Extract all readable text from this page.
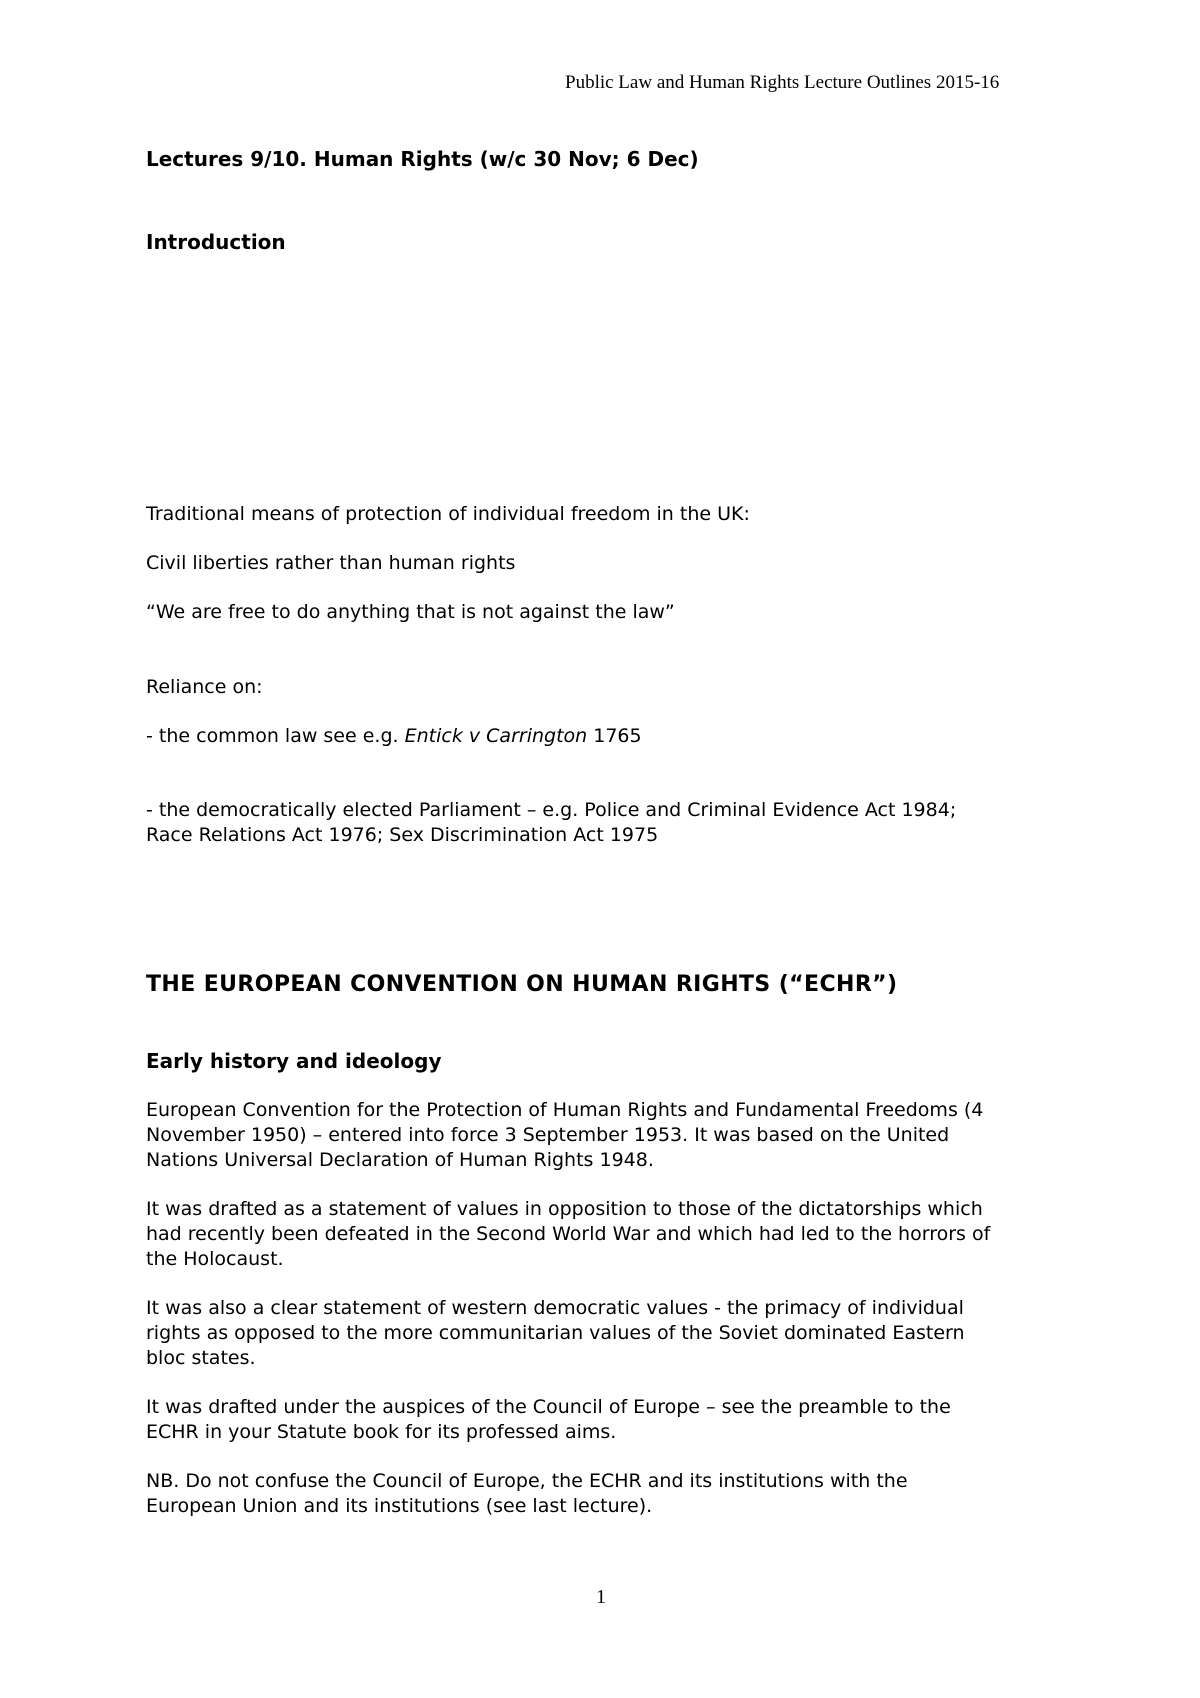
Public Law and Human Rights Lecture Outlines 2015-16
Lectures 9/10. Human Rights (w/c 30 Nov; 6 Dec)
Introduction
Traditional means of protection of individual freedom in the UK:
Civil liberties rather than human rights
“We are free to do anything that is not against the law”
Reliance on:
- the common law see e.g. Entick v Carrington 1765
- the democratically elected Parliament – e.g. Police and Criminal Evidence Act 1984;
Race Relations Act 1976; Sex Discrimination Act 1975
THE EUROPEAN CONVENTION ON HUMAN RIGHTS (“ECHR”)
Early history and ideology
European Convention for the Protection of Human Rights and Fundamental Freedoms (4
November 1950) – entered into force 3 September 1953. It was based on the United
Nations Universal Declaration of Human Rights 1948.
It was drafted as a statement of values in opposition to those of the dictatorships which
had recently been defeated in the Second World War and which had led to the horrors of
the Holocaust.
It was also a clear statement of western democratic values - the primacy of individual
rights as opposed to the more communitarian values of the Soviet dominated Eastern
bloc states.
It was drafted under the auspices of the Council of Europe – see the preamble to the
ECHR in your Statute book for its professed aims.
NB. Do not confuse the Council of Europe, the ECHR and its institutions with the
European Union and its institutions (see last lecture).
1
